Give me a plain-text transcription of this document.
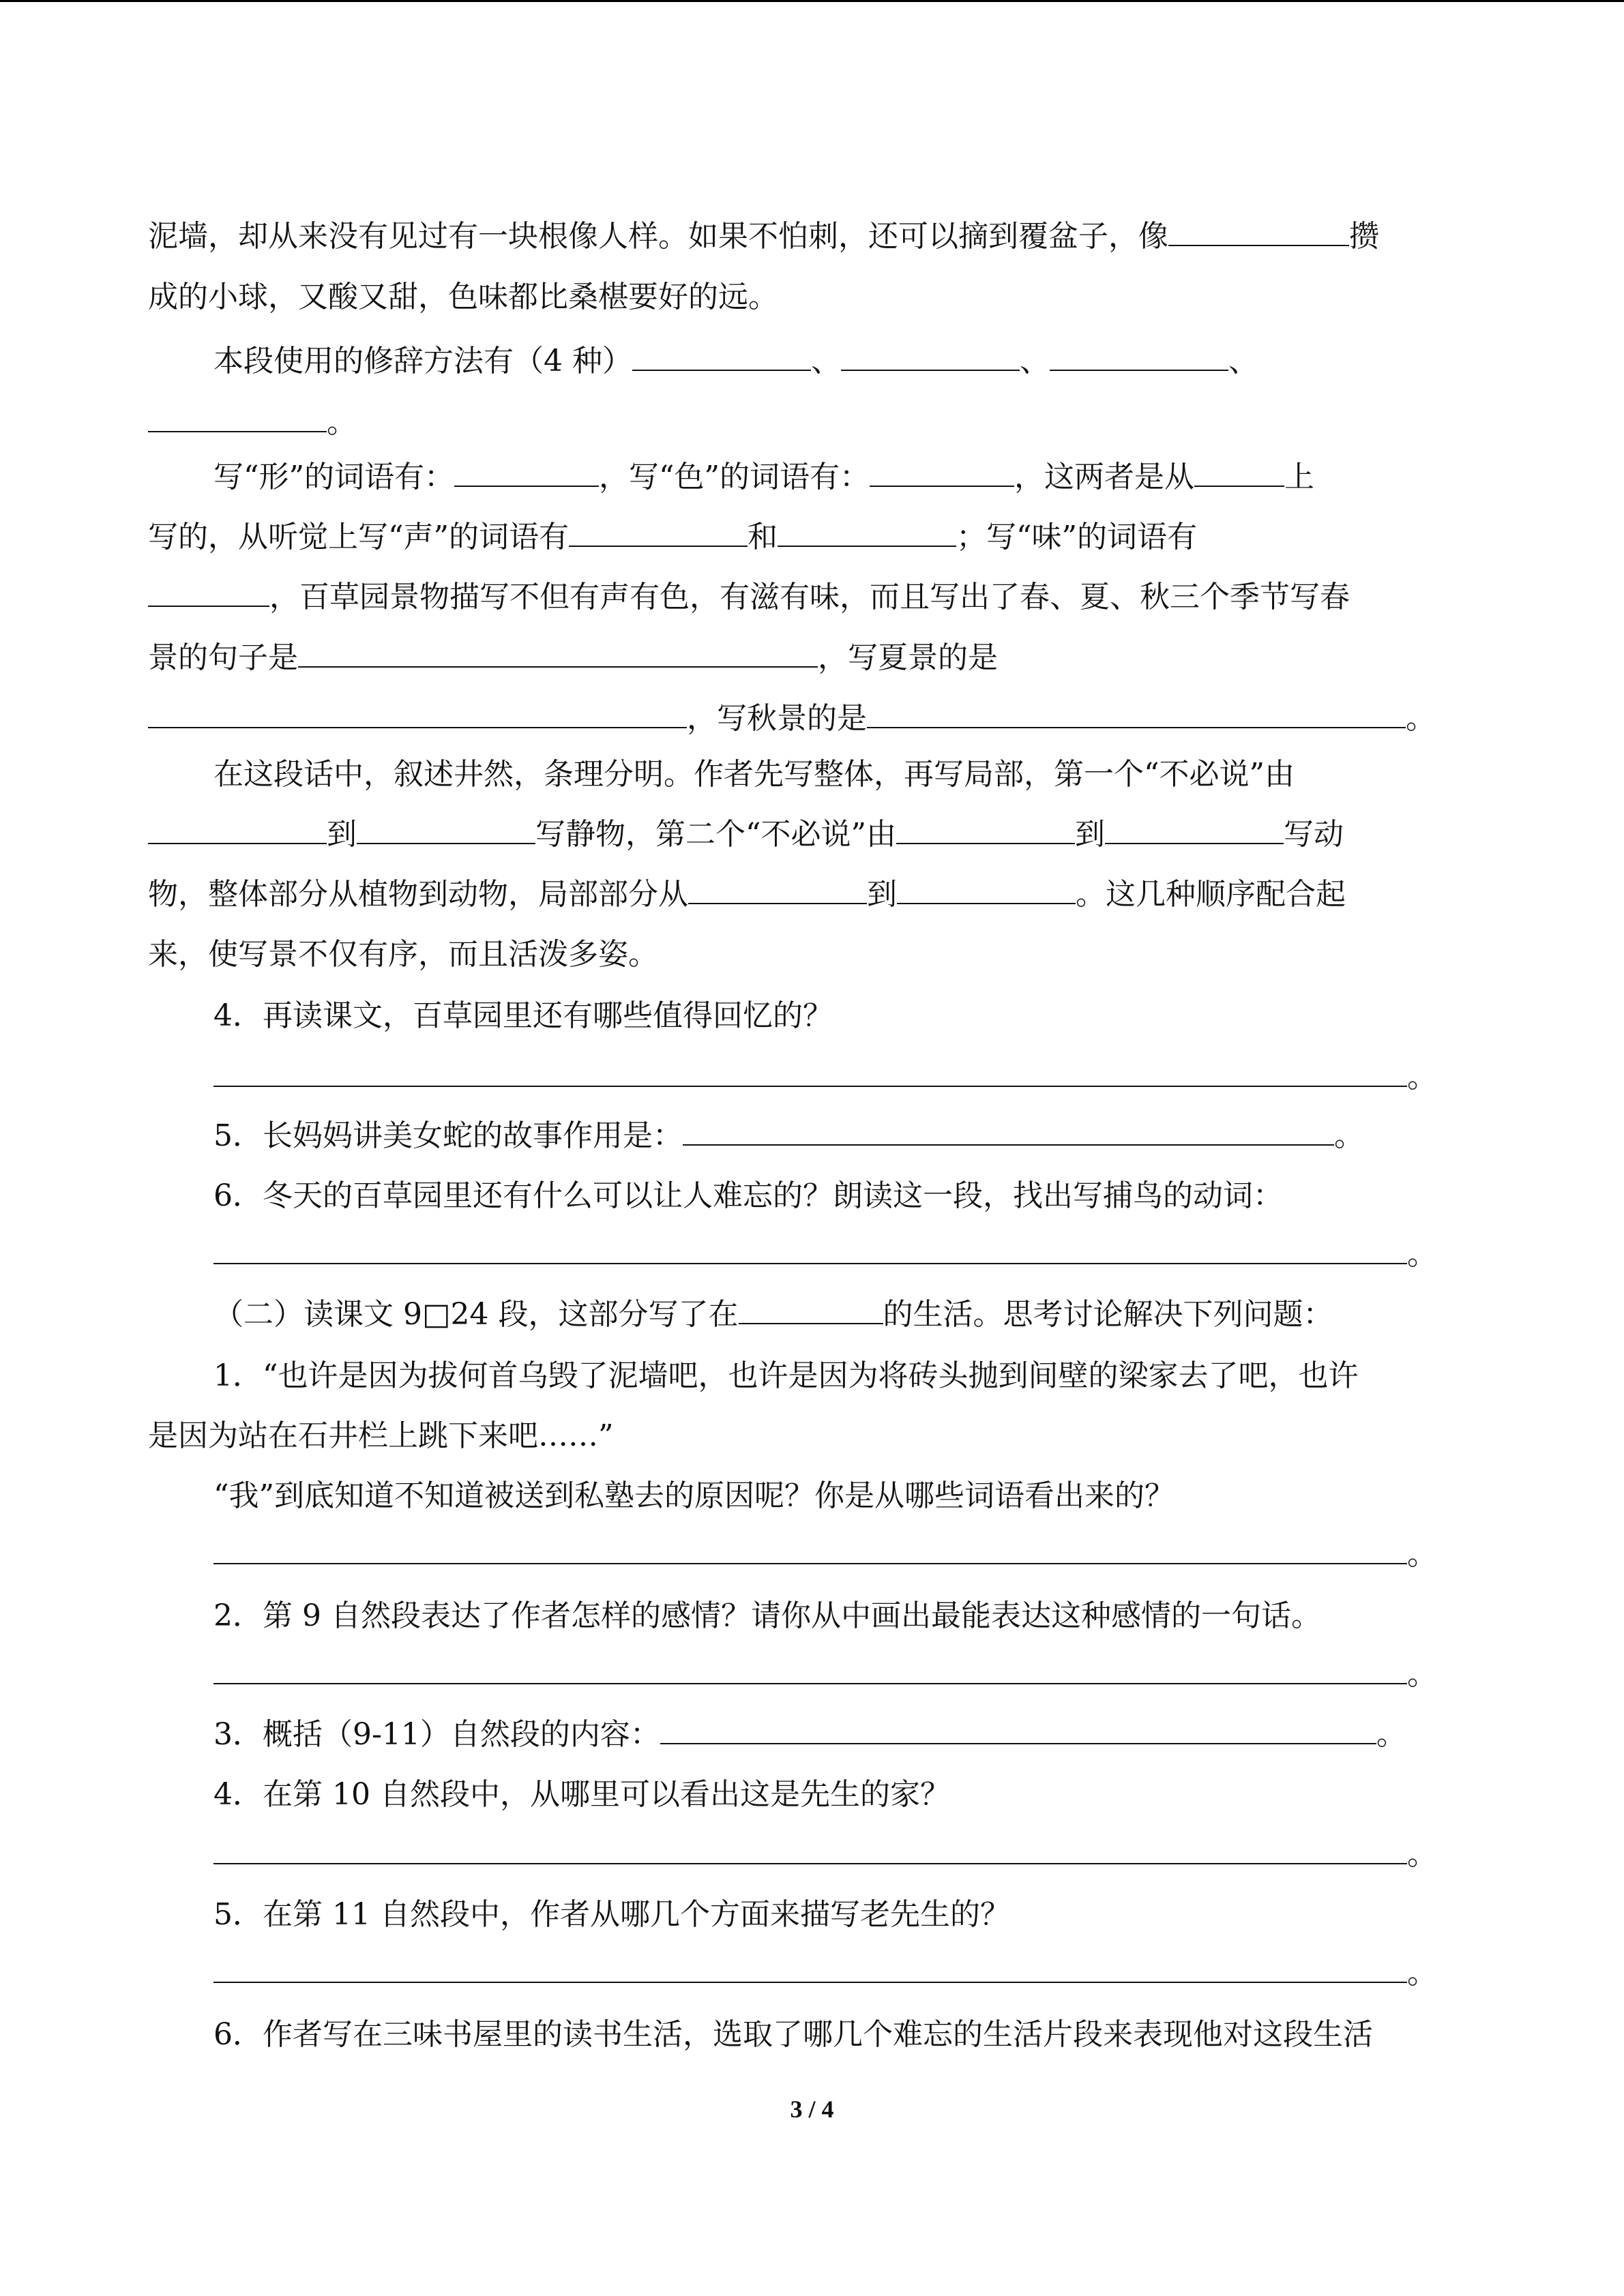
泥墙，却从来没有见过有一块根像人样。如果不怕刺，还可以摘到覆盆子，像	攒
成的小球，又酸又甜，色味都比桑椹要好的远。
本段使用的修辞方法有（4 种）	、	、	、
。
写“形”的词语有：	，写“色”的词语有：	，这两者是从	上
写的，从听觉上写“声”的词语有	和	；写“味”的词语有
，百草园景物描写不但有声有色，有滋有味，而且写出了春、夏、秋三个季节写春
景的句子是	，写夏景的是
，写秋景的是	。
在这段话中，叙述井然，条理分明。作者先写整体，再写局部，第一个“不必说”由
到	写静物，第二个“不必说”由	到	写动
物，整体部分从植物到动物，局部部分从	到	。这几种顺序配合起
来，使写景不仅有序，而且活泼多姿。
4．再读课文，百草园里还有哪些值得回忆的？
。
5．长妈妈讲美女蛇的故事作用是：	。
6．冬天的百草园里还有什么可以让人难忘的？朗读这一段，找出写捕鸟的动词：
。
（二）读课文 9□24 段，这部分写了在	的生活。思考讨论解决下列问题：
1．“也许是因为拔何首乌毁了泥墙吧，也许是因为将砖头抛到间壁的梁家去了吧，也许
是因为站在石井栏上跳下来吧……”
“我”到底知道不知道被送到私塾去的原因呢？你是从哪些词语看出来的？
。
2．第 9 自然段表达了作者怎样的感情？请你从中画出最能表达这种感情的一句话。
。
3．概括（9-11）自然段的内容：	。
4．在第 10 自然段中，从哪里可以看出这是先生的家？
。
5．在第 11 自然段中，作者从哪几个方面来描写老先生的？
。
6．作者写在三味书屋里的读书生活，选取了哪几个难忘的生活片段来表现他对这段生活
3 / 4
